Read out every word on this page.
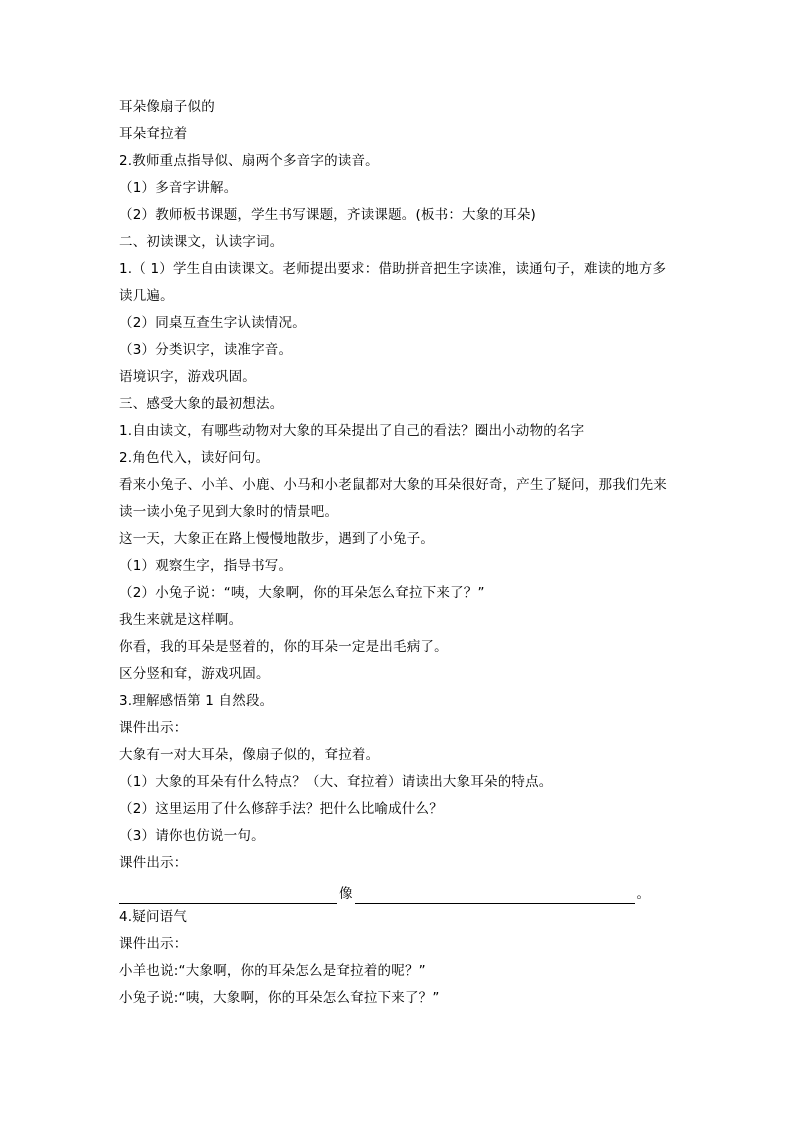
耳朵像扇子似的
耳朵耷拉着
2.教师重点指导似、扇两个多音字的读音。
（1）多音字讲解。
（2）教师板书课题，学生书写课题，齐读课题。(板书：大象的耳朵)
二、初读课文，认读字词。
1.（ 1）学生自由读课文。老师提出要求：借助拼音把生字读准，读通句子，难读的地方多
读几遍。
（2）同桌互查生字认读情况。
（3）分类识字，读准字音。
语境识字，游戏巩固。
三、感受大象的最初想法。
1.自由读文，有哪些动物对大象的耳朵提出了自己的看法？圈出小动物的名字
2.角色代入，读好问句。
看来小兔子、小羊、小鹿、小马和小老鼠都对大象的耳朵很好奇，产生了疑问，那我们先来
读一读小兔子见到大象时的情景吧。
这一天，大象正在路上慢慢地散步，遇到了小兔子。
（1）观察生字，指导书写。
（2）小兔子说：“咦，大象啊，你的耳朵怎么耷拉下来了？”
我生来就是这样啊。
你看，我的耳朵是竖着的，你的耳朵一定是出毛病了。
区分竖和耷，游戏巩固。
3.理解感悟第 1 自然段。
课件出示：
大象有一对大耳朵，像扇子似的，耷拉着。
（1）大象的耳朵有什么特点？（大、耷拉着）请读出大象耳朵的特点。
（2）这里运用了什么修辞手法？把什么比喻成什么？
（3）请你也仿说一句。
课件出示：
像	。
4.疑问语气
课件出示：
小羊也说:“大象啊，你的耳朵怎么是耷拉着的呢？”
小兔子说:“咦，大象啊，你的耳朵怎么耷拉下来了？”
